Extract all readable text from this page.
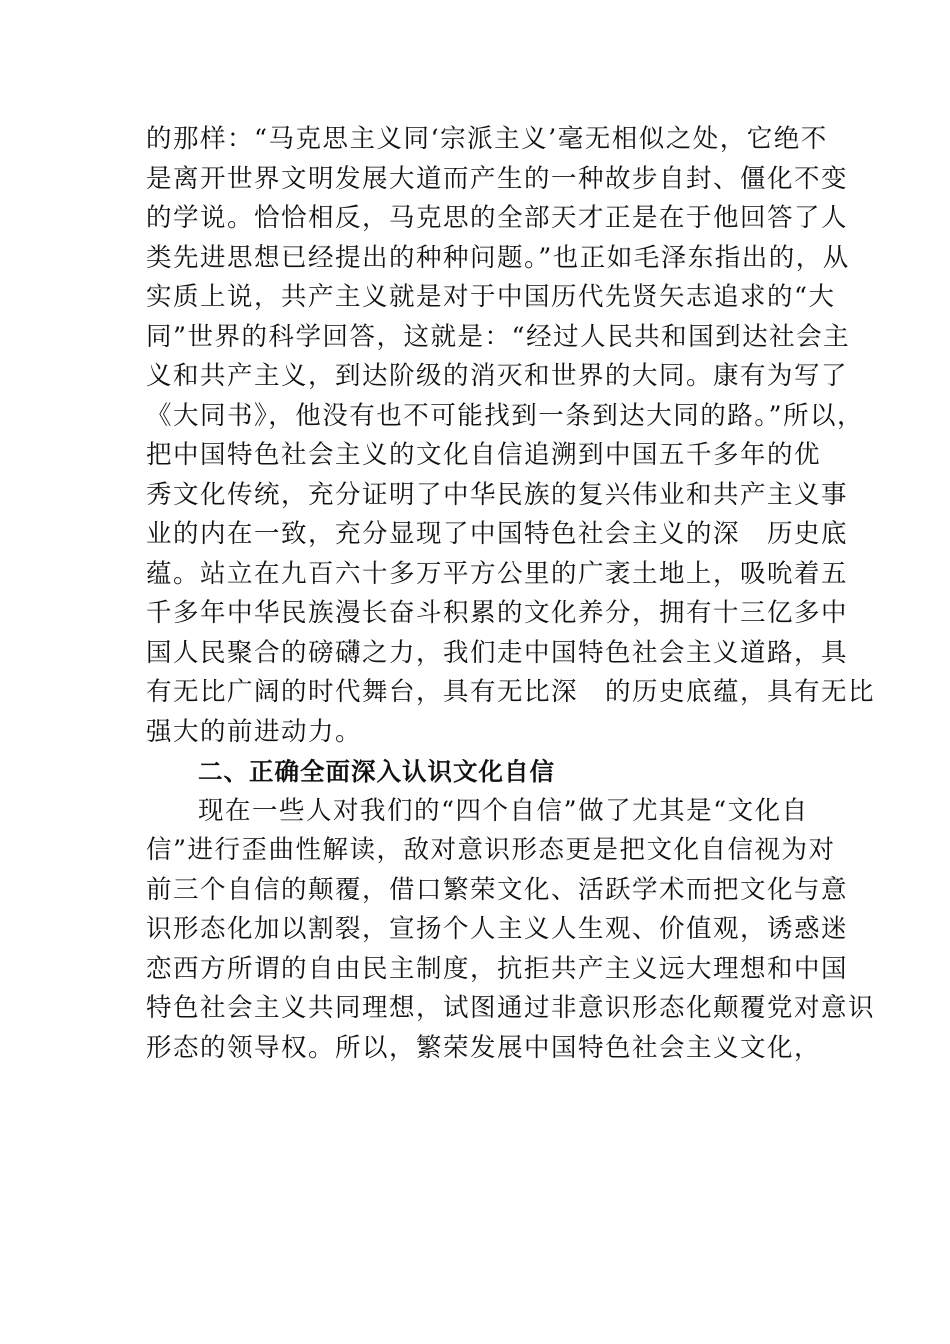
的那样：“马克思主义同‘宗派主义’毫无相似之处，它绝不
是离开世界文明发展大道而产生的一种故步自封、僵化不变
的学说。恰恰相反，马克思的全部天才正是在于他回答了人
类先进思想已经提出的种种问题。”也正如毛泽东指出的，从
实质上说，共产主义就是对于中国历代先贤矢志追求的“大
同”世界的科学回答，这就是：“经过人民共和国到达社会主
义和共产主义，到达阶级的消灭和世界的大同。康有为写了
《大同书》，他没有也不可能找到一条到达大同的路。”所以，
把中国特色社会主义的文化自信追溯到中国五千多年的优
秀文化传统，充分证明了中华民族的复兴伟业和共产主义事
业的内在一致，充分显现了中国特色社会主义的深　历史底
蕴。站立在九百六十多万平方公里的广袤土地上，吸吮着五
千多年中华民族漫长奋斗积累的文化养分，拥有十三亿多中
国人民聚合的磅礴之力，我们走中国特色社会主义道路，具
有无比广阔的时代舞台，具有无比深　的历史底蕴，具有无比
强大的前进动力。
二、正确全面深入认识文化自信
现在一些人对我们的“四个自信”做了尤其是“文化自
信”进行歪曲性解读，敌对意识形态更是把文化自信视为对
前三个自信的颠覆，借口繁荣文化、活跃学术而把文化与意
识形态化加以割裂，宣扬个人主义人生观、价值观，诱惑迷
恋西方所谓的自由民主制度，抗拒共产主义远大理想和中国
特色社会主义共同理想，试图通过非意识形态化颠覆党对意识
形态的领导权。所以，繁荣发展中国特色社会主义文化，
